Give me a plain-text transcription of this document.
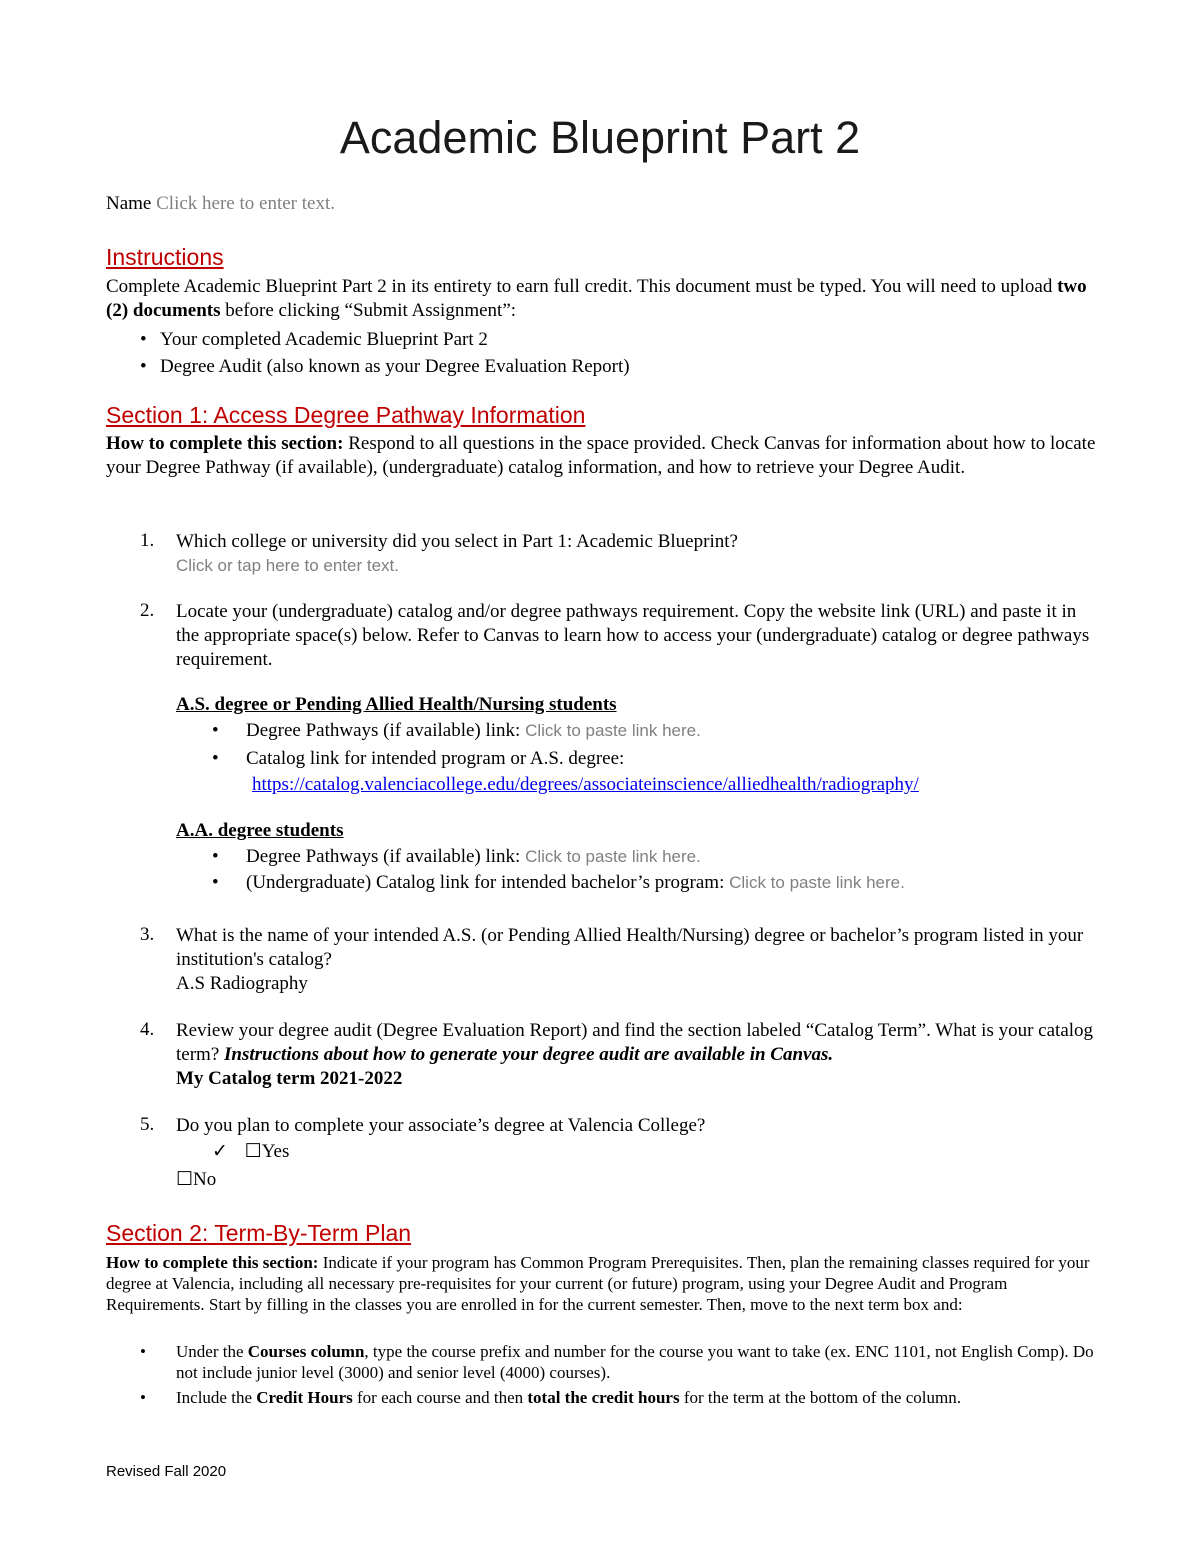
Academic Blueprint Part 2
Name Click here to enter text.
Instructions
Complete Academic Blueprint Part 2 in its entirety to earn full credit. This document must be typed. You will need to upload two (2) documents before clicking “Submit Assignment”:
• Your completed Academic Blueprint Part 2
• Degree Audit (also known as your Degree Evaluation Report)
Section 1: Access Degree Pathway Information
How to complete this section: Respond to all questions in the space provided. Check Canvas for information about how to locate your Degree Pathway (if available), (undergraduate) catalog information, and how to retrieve your Degree Audit.
1.	Which college or university did you select in Part 1: Academic Blueprint?
Click or tap here to enter text.
2.	Locate your (undergraduate) catalog and/or degree pathways requirement. Copy the website link (URL) and paste it in the appropriate space(s) below. Refer to Canvas to learn how to access your (undergraduate) catalog or degree pathways requirement.
A.S. degree or Pending Allied Health/Nursing students
• Degree Pathways (if available) link: Click to paste link here.
• Catalog link for intended program or A.S. degree:
https://catalog.valenciacollege.edu/degrees/associateinscience/alliedhealth/radiography/
A.A. degree students
• Degree Pathways (if available) link: Click to paste link here.
• (Undergraduate) Catalog link for intended bachelor’s program: Click to paste link here.
3.	What is the name of your intended A.S. (or Pending Allied Health/Nursing) degree or bachelor’s program listed in your institution's catalog?
A.S Radiography
4.	Review your degree audit (Degree Evaluation Report) and find the section labeled “Catalog Term”. What is your catalog term? Instructions about how to generate your degree audit are available in Canvas.
My Catalog term 2021-2022
5.	Do you plan to complete your associate’s degree at Valencia College?
✓ ☐Yes
☐No
Section 2: Term-By-Term Plan
How to complete this section: Indicate if your program has Common Program Prerequisites. Then, plan the remaining classes required for your degree at Valencia, including all necessary pre-requisites for your current (or future) program, using your Degree Audit and Program Requirements. Start by filling in the classes you are enrolled in for the current semester. Then, move to the next term box and:
• Under the Courses column, type the course prefix and number for the course you want to take (ex. ENC 1101, not English Comp). Do not include junior level (3000) and senior level (4000) courses).
• Include the Credit Hours for each course and then total the credit hours for the term at the bottom of the column.
Revised Fall 2020
